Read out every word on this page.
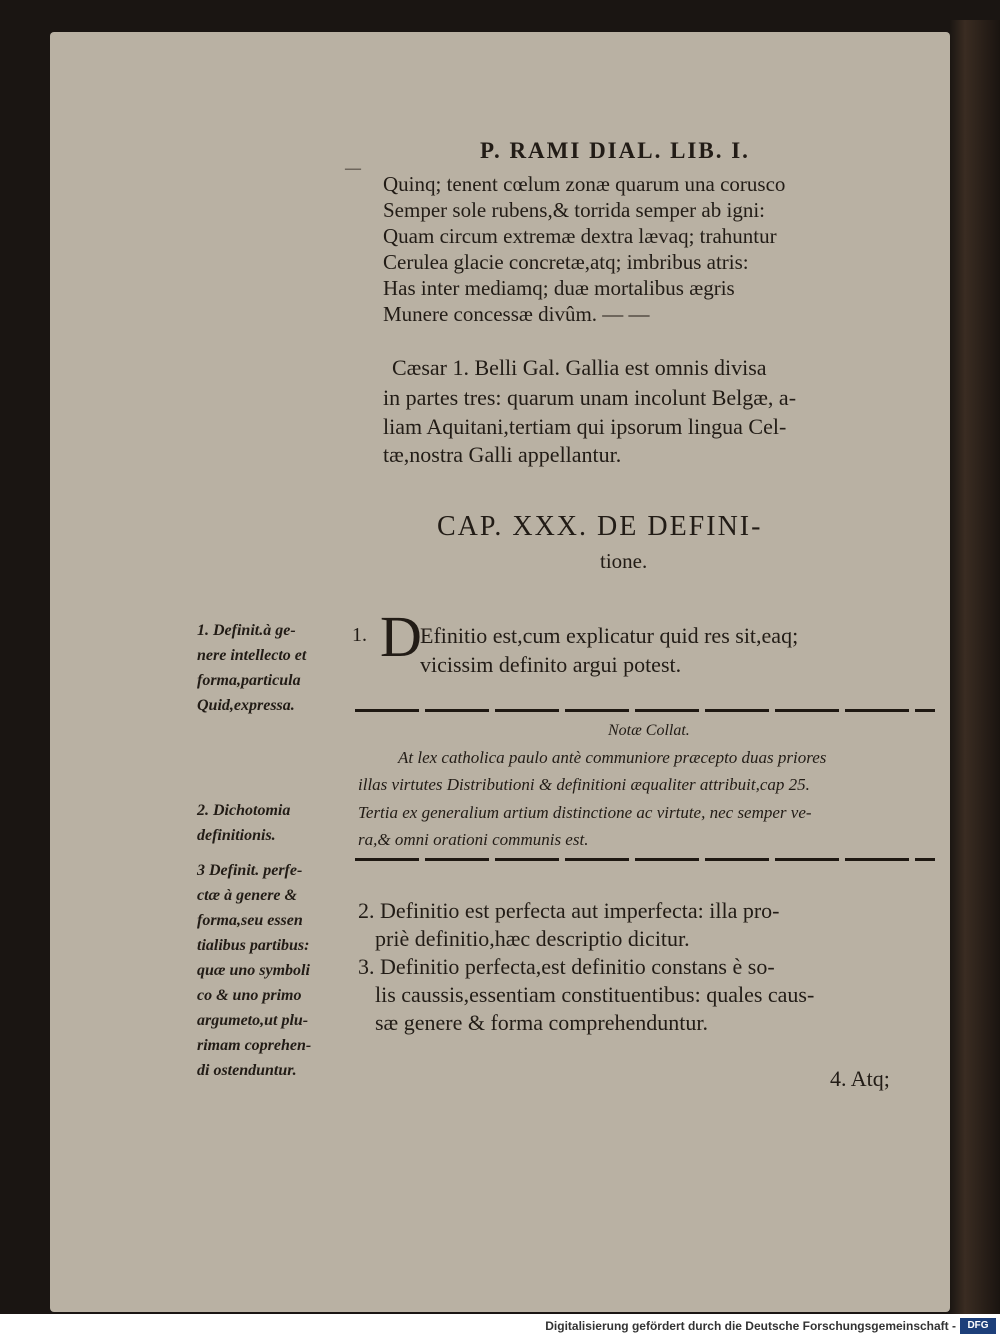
—
P. RAMI DIAL. LIB. I.
Quinq; tenent cœlum zonæ quarum una corusco
Semper sole rubens,& torrida semper ab igni:
Quam circum extremæ dextra lævaq; trahuntur
Cerulea glacie concretæ,atq; imbribus atris:
Has inter mediamq; duæ mortalibus ægris
Munere concessæ divûm. — —
Cæsar 1. Belli Gal. Gallia est omnis divisa
in partes tres: quarum unam incolunt Belgæ, a-
liam Aquitani,tertiam qui ipsorum lingua Cel-
tæ,nostra Galli appellantur.
CAP. XXX. DE DEFINI-
tione.
1. Definit.à ge-
nere intellecto et
forma,particula
Quid,expressa.
2. Dichotomia
definitionis.
3 Definit. perfe-
ctæ à genere &
forma,seu essen
tialibus partibus:
quæ uno symboli
co & uno primo
argumeto,ut plu-
rimam coprehen-
di ostenduntur.
1. D
Efinitio est,cum explicatur quid res sit,eaq;
vicissim definito argui potest.
Notæ Collat.
At lex catholica paulo antè communiore præcepto duas priores
illas virtutes Distributioni & definitioni æqualiter attribuit,cap 25.
Tertia ex generalium artium distinctione ac virtute, nec semper ve-
ra,& omni orationi communis est.
2. Definitio est perfecta aut imperfecta: illa pro-
priè definitio,hæc descriptio dicitur.
3. Definitio perfecta,est definitio constans è so-
lis caussis,essentiam constituentibus: quales caus-
sæ genere & forma comprehenduntur.
4. Atq;
Digitalisierung gefördert durch die Deutsche Forschungsgemeinschaft -	DFG
